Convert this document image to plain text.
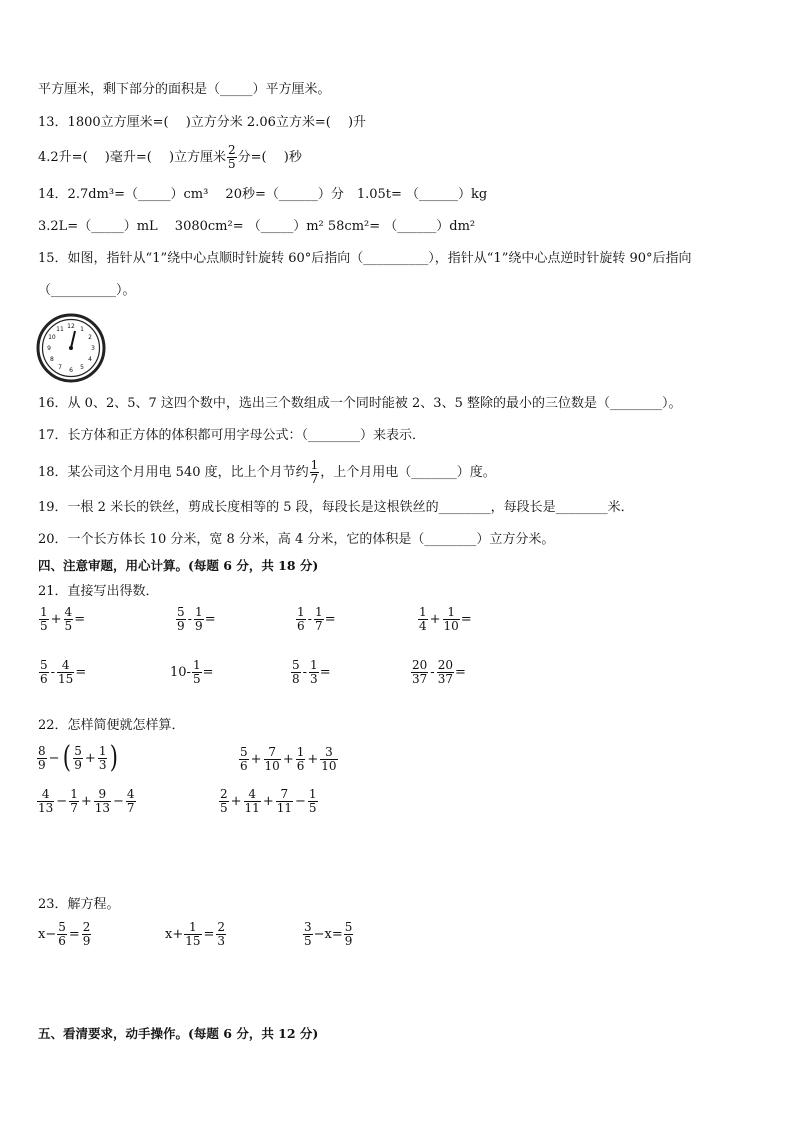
平方厘米，剩下部分的面积是（_____）平方厘米。
13．1800立方厘米=(　 )立方分米 2.06立方米=(　 )升
4.2升=(　 )毫升=(　 )立方厘米 $\frac{2}{5}$ 分=(　 )秒
14．2.7dm³=（_____）cm³　 20秒=（______）分　1.05t= （______）kg
3.2L=（_____）mL　 3080cm²= （_____）m² 58cm²= （______）dm²
15．如图，指针从“1”绕中心点顺时针旋转 60°后指向（__________），指针从“1”绕中心点逆时针旋转 90°后指向
（__________）。
12 1
2
3
4
5
6
7
8
9
10
11
16．从 0、2、5、7 这四个数中，选出三个数组成一个同时能被 2、3、5 整除的最小的三位数是（________）。
17．长方体和正方体的体积都可用字母公式：（________）来表示．
18．某公司这个月用电 540 度，比上个月节约 $\frac{1}{7}$ ，上个月用电（_______）度。
19．一根 2 米长的铁丝，剪成长度相等的 5 段，每段长是这根铁丝的________，每段长是________米．
20．一个长方体长 10 分米，宽 8 分米，高 4 分米，它的体积是（________）立方分米。
四、注意审题，用心计算。(每题 6 分，共 18 分)
21．直接写出得数．
$\frac{1}{5} + \frac{4}{5}$ =	$\frac{5}{9} - \frac{1}{9}$ =	$\frac{1}{6} - \frac{1}{7}$ =	$\frac{1}{4} + \frac{1}{10}$ =
$\frac{5}{6} - \frac{4}{15}$ =	$10- \frac{1}{5}$ =	$\frac{5}{8} - \frac{1}{3}$ =	$\frac{20}{37} - \frac{20}{37}$ =
22．怎样简便就怎样算．
$\frac{8}{9}$ − ( $\frac{5}{9} + \frac{1}{3}$ )	$\frac{5}{6} + \frac{7}{10} + \frac{1}{6} + \frac{3}{10}$
$\frac{4}{13} - \frac{1}{7} + \frac{9}{13} - \frac{4}{7}$	$\frac{2}{5} + \frac{4}{11} + \frac{7}{11} - \frac{1}{5}$
23．解方程。
$x- \frac{5}{6} = \frac{2}{9}$	$x+ \frac{1}{15} = \frac{2}{3}$	$\frac{3}{5} -x= \frac{5}{9}$
五、看清要求，动手操作。(每题 6 分，共 12 分)
